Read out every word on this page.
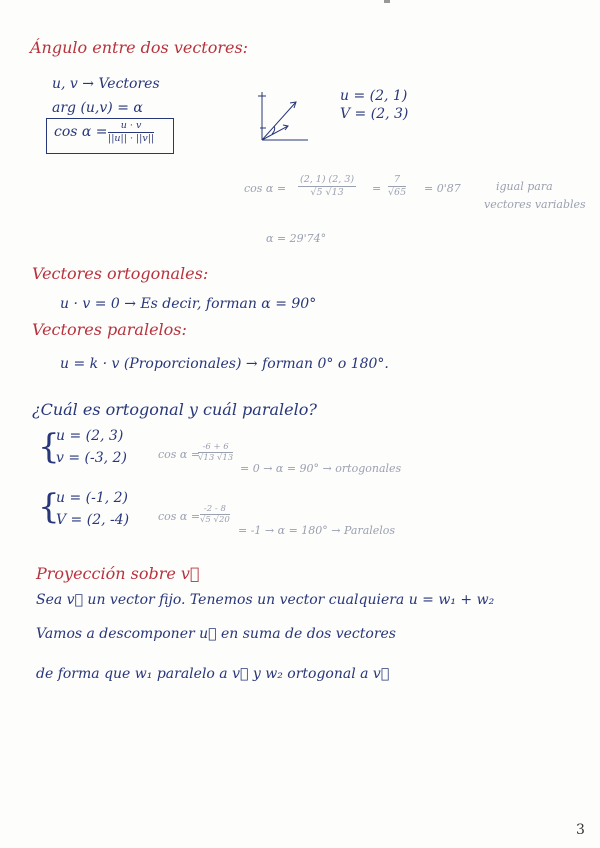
Ángulo entre dos vectores:
u, v → Vectores
arg (u,v) = α
$\cos \alpha = \frac{u \cdot v}{||u|| \cdot ||v||}$
u = (2, 1)
V = (2, 3)
$\cos \alpha = \frac{(2, 1) (2, 3)}{√5 √13} = \frac{7}{√65} = 0'87$	igual para
vectores variables
α = 29'74°
Vectores ortogonales:
u · v = 0 → Es decir, forman α = 90°
Vectores paralelos:
u = k · v (Proporcionales) → forman 0° o 180°.
¿Cuál es ortogonal y cuál paralelo?
{
u = (2, 3)
v = (-3, 2)	cos α =
$\frac{-6 + 6}{√13 √13}$
= 0 → α = 90° → ortogonales
{
u = (-1, 2)
V = (2, -4)	$\cos \alpha = \frac{-2 - 8}{√5 √20}$
= -1 → α = 180° → Paralelos
Proyección sobre v⃗
Sea v⃗ un vector fijo. Tenemos un vector cualquiera u = w₁ + w₂
Vamos a descomponer u⃗ en suma de dos vectores
de forma que w₁ paralelo a v⃗ y w₂ ortogonal a v⃗
3
